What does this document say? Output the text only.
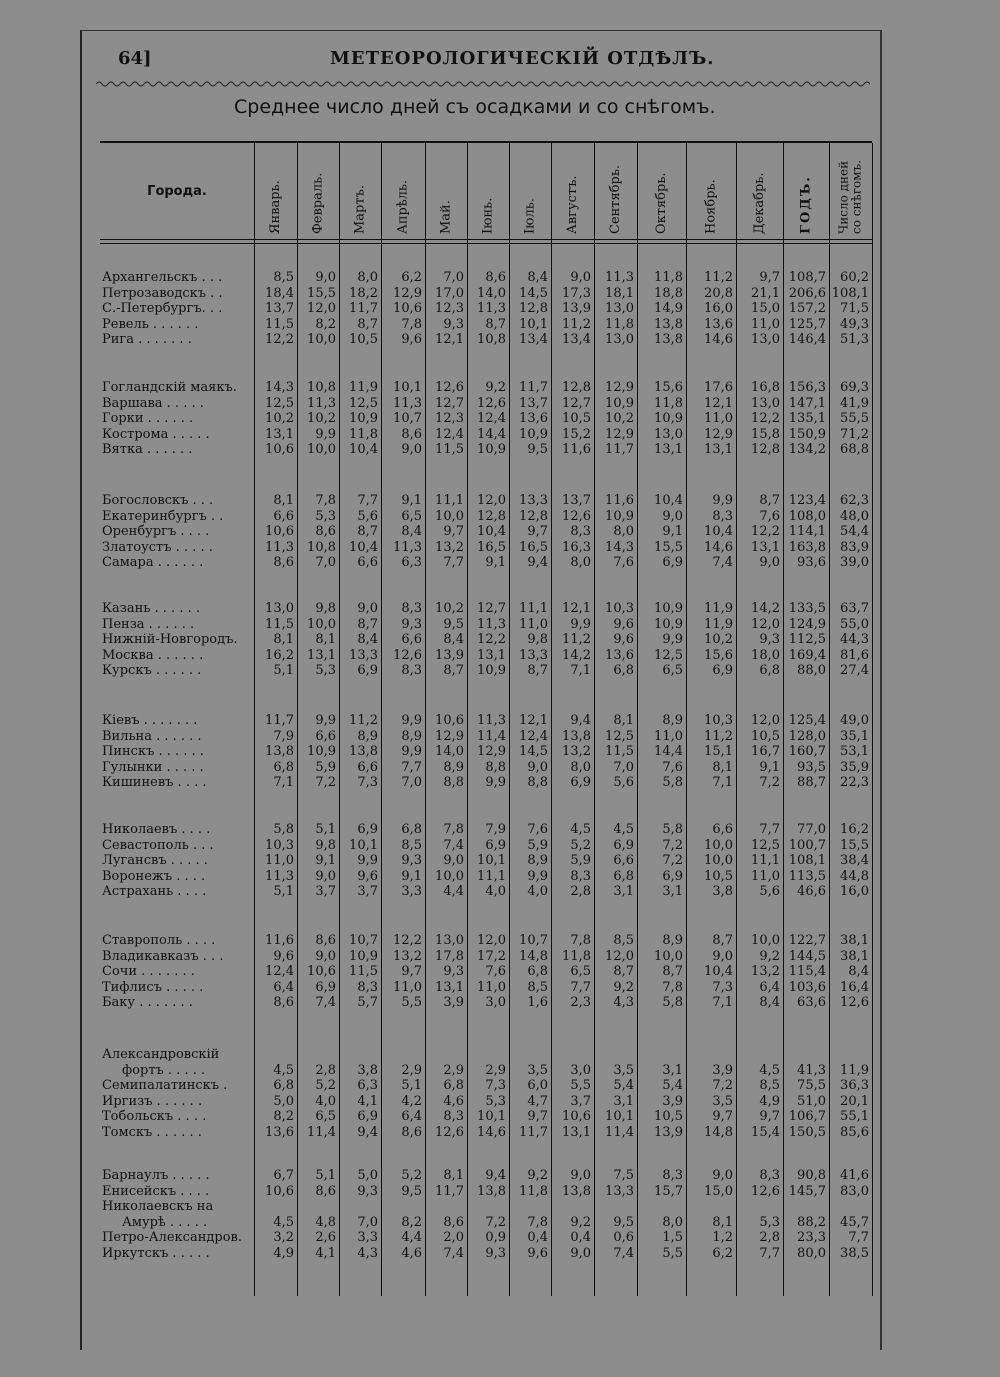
64]	МЕТЕОРОЛОГИЧЕСКІЙ ОТДѢЛЪ.
Среднее число дней съ осадками и со снѣгомъ.
Города.	Январь.	Февраль.	Мартъ.	Апрѣль.	Май.	Іюнь.	Іюль.	Августъ.	Сентябрь.	Октябрь.	Ноябрь.	Декабрь.	ГОДЪ.	Число дней со снѣгомъ.
Архангельскъ . . .	8,5	9,0	8,0	6,2	7,0	8,6	8,4	9,0	11,3	11,8	11,2	9,7 108,7	60,2
Петрозаводскъ . .	18,4	15,5	18,2	12,9	17,0	14,0	14,5	17,3	18,1	18,8	20,8	21,1 206,6 108,1
С.-Петербургъ. . .	13,7	12,0	11,7	10,6	12,3	11,3	12,8	13,9	13,0	14,9	16,0	15,0 157,2	71,5
Ревель . . . . . .	11,5	8,2	8,7	7,8	9,3	8,7	10,1	11,2	11,8	13,8	13,6	11,0 125,7	49,3
Рига . . . . . . .	12,2	10,0	10,5	9,6	12,1	10,8	13,4	13,4	13,0	13,8	14,6	13,0 146,4	51,3
Гогландскій маякъ.	14,3	10,8	11,9	10,1	12,6	9,2	11,7	12,8	12,9	15,6	17,6	16,8 156,3	69,3
Варшава . . . . .	12,5	11,3	12,5	11,3	12,7	12,6	13,7	12,7	10,9	11,8	12,1	13,0 147,1	41,9
Горки . . . . . .	10,2	10,2	10,9	10,7	12,3	12,4	13,6	10,5	10,2	10,9	11,0	12,2 135,1	55,5
Кострома . . . . .	13,1	9,9	11,8	8,6	12,4	14,4	10,9	15,2	12,9	13,0	12,9	15,8 150,9	71,2
Вятка . . . . . .	10,6	10,0	10,4	9,0	11,5	10,9	9,5	11,6	11,7	13,1	13,1	12,8 134,2	68,8
Богословскъ . . .	8,1	7,8	7,7	9,1	11,1	12,0	13,3	13,7	11,6	10,4	9,9	8,7 123,4	62,3
Екатеринбургъ . .	6,6	5,3	5,6	6,5	10,0	12,8	12,8	12,6	10,9	9,0	8,3	7,6 108,0	48,0
Оренбургъ . . . .	10,6	8,6	8,7	8,4	9,7	10,4	9,7	8,3	8,0	9,1	10,4	12,2 114,1	54,4
Златоустъ . . . . .	11,3	10,8	10,4	11,3	13,2	16,5	16,5	16,3	14,3	15,5	14,6	13,1 163,8	83,9
Самара . . . . . .	8,6	7,0	6,6	6,3	7,7	9,1	9,4	8,0	7,6	6,9	7,4	9,0	93,6	39,0
Казань . . . . . .	13,0	9,8	9,0	8,3	10,2	12,7	11,1	12,1	10,3	10,9	11,9	14,2 133,5	63,7
Пенза . . . . . .	11,5	10,0	8,7	9,3	9,5	11,3	11,0	9,9	9,6	10,9	11,9	12,0 124,9	55,0
Нижній-Новгородъ.	8,1	8,1	8,4	6,6	8,4	12,2	9,8	11,2	9,6	9,9	10,2	9,3 112,5	44,3
Москва . . . . . .	16,2	13,1	13,3	12,6	13,9	13,1	13,3	14,2	13,6	12,5	15,6	18,0 169,4	81,6
Курскъ . . . . . .	5,1	5,3	6,9	8,3	8,7	10,9	8,7	7,1	6,8	6,5	6,9	6,8	88,0	27,4
Кіевъ . . . . . . .	11,7	9,9	11,2	9,9	10,6	11,3	12,1	9,4	8,1	8,9	10,3	12,0 125,4	49,0
Вильна . . . . . .	7,9	6,6	8,9	8,9	12,9	11,4	12,4	13,8	12,5	11,0	11,2	10,5 128,0	35,1
Пинскъ . . . . . .	13,8	10,9	13,8	9,9	14,0	12,9	14,5	13,2	11,5	14,4	15,1	16,7 160,7	53,1
Гулынки . . . . .	6,8	5,9	6,6	7,7	8,9	8,8	9,0	8,0	7,0	7,6	8,1	9,1	93,5	35,9
Кишиневъ . . . .	7,1	7,2	7,3	7,0	8,8	9,9	8,8	6,9	5,6	5,8	7,1	7,2	88,7	22,3
Николаевъ . . . .	5,8	5,1	6,9	6,8	7,8	7,9	7,6	4,5	4,5	5,8	6,6	7,7	77,0	16,2
Севастополь . . .	10,3	9,8	10,1	8,5	7,4	6,9	5,9	5,2	6,9	7,2	10,0	12,5 100,7	15,5
Лугансвъ . . . . .	11,0	9,1	9,9	9,3	9,0	10,1	8,9	5,9	6,6	7,2	10,0	11,1 108,1	38,4
Воронежъ . . . .	11,3	9,0	9,6	9,1	10,0	11,1	9,9	8,3	6,8	6,9	10,5	11,0 113,5	44,8
Астрахань . . . .	5,1	3,7	3,7	3,3	4,4	4,0	4,0	2,8	3,1	3,1	3,8	5,6	46,6	16,0
Ставрополь . . . .	11,6	8,6	10,7	12,2	13,0	12,0	10,7	7,8	8,5	8,9	8,7	10,0 122,7	38,1
Владикавказъ . . .	9,6	9,0	10,9	13,2	17,8	17,2	14,8	11,8	12,0	10,0	9,0	9,2 144,5	38,1
Сочи . . . . . . .	12,4	10,6	11,5	9,7	9,3	7,6	6,8	6,5	8,7	8,7	10,4	13,2 115,4	8,4
Тифлисъ . . . . .	6,4	6,9	8,3	11,0	13,1	11,0	8,5	7,7	9,2	7,8	7,3	6,4 103,6	16,4
Баку . . . . . . .	8,6	7,4	5,7	5,5	3,9	3,0	1,6	2,3	4,3	5,8	7,1	8,4	63,6	12,6
Александровскій
фортъ . . . . .	4,5	2,8	3,8	2,9	2,9	2,9	3,5	3,0	3,5	3,1	3,9	4,5	41,3	11,9
Семипалатинскъ .	6,8	5,2	6,3	5,1	6,8	7,3	6,0	5,5	5,4	5,4	7,2	8,5	75,5	36,3
Иргизъ . . . . . .	5,0	4,0	4,1	4,2	4,6	5,3	4,7	3,7	3,1	3,9	3,5	4,9	51,0	20,1
Тобольскъ . . . .	8,2	6,5	6,9	6,4	8,3	10,1	9,7	10,6	10,1	10,5	9,7	9,7 106,7	55,1
Томскъ . . . . . .	13,6	11,4	9,4	8,6	12,6	14,6	11,7	13,1	11,4	13,9	14,8	15,4 150,5	85,6
Барнаулъ . . . . .	6,7	5,1	5,0	5,2	8,1	9,4	9,2	9,0	7,5	8,3	9,0	8,3	90,8	41,6
Енисейскъ . . . .	10,6	8,6	9,3	9,5	11,7	13,8	11,8	13,8	13,3	15,7	15,0	12,6 145,7	83,0
Николаевскъ на
Амурѣ . . . . .	4,5	4,8	7,0	8,2	8,6	7,2	7,8	9,2	9,5	8,0	8,1	5,3	88,2	45,7
Петро-Александров.	3,2	2,6	3,3	4,4	2,0	0,9	0,4	0,4	0,6	1,5	1,2	2,8	23,3	7,7
Иркутскъ . . . . .	4,9	4,1	4,3	4,6	7,4	9,3	9,6	9,0	7,4	5,5	6,2	7,7	80,0	38,5
